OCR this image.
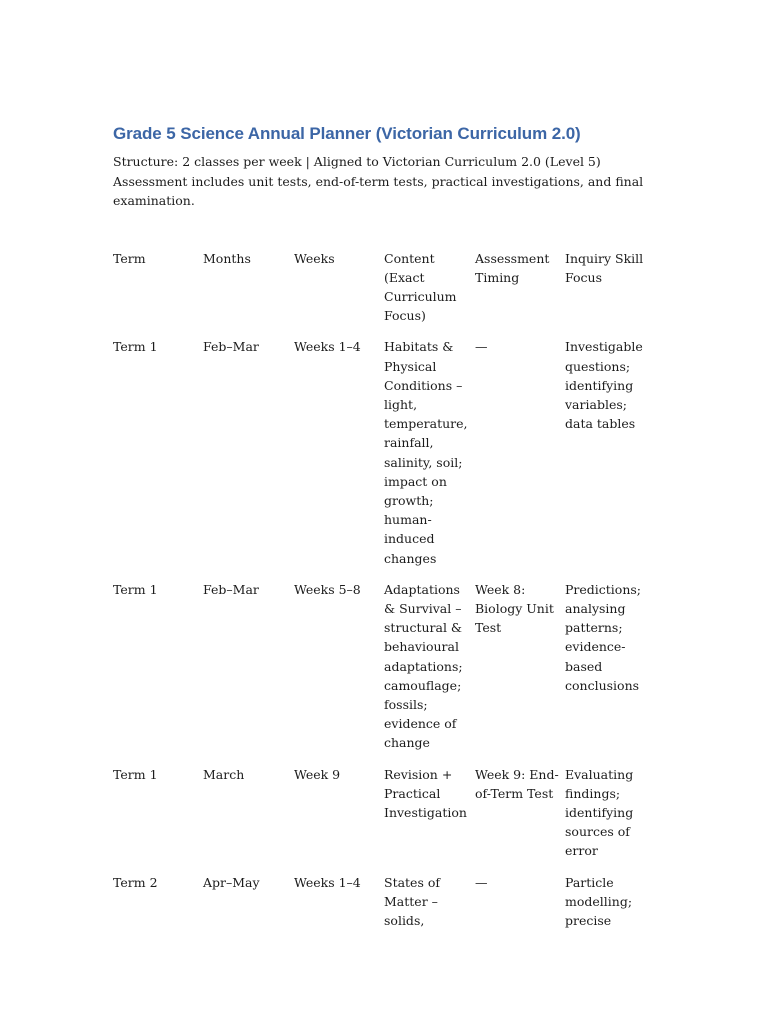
Grade 5 Science Annual Planner (Victorian Curriculum 2.0)

Structure: 2 classes per week | Aligned to Victorian Curriculum 2.0 (Level 5) Assessment includes unit tests, end-of-term tests, practical investigations, and final examination.

Term	Months	Weeks	Content (Exact Curriculum Focus)	Assessment Timing	Inquiry Skill Focus
Term 1	Feb–Mar	Weeks 1–4	Habitats & Physical Conditions – light, temperature, rainfall, salinity, soil; impact on growth; human-induced changes	—	Investigable questions; identifying variables; data tables
Term 1	Feb–Mar	Weeks 5–8	Adaptations & Survival – structural & behavioural adaptations; camouflage; fossils; evidence of change	Week 8: Biology Unit Test	Predictions; analysing patterns; evidence-based conclusions
Term 1	March	Week 9	Revision + Practical Investigation	Week 9: End-of-Term Test	Evaluating findings; identifying sources of error
Term 2	Apr–May	Weeks 1–4	States of Matter – solids,	—	Particle modelling; precise
